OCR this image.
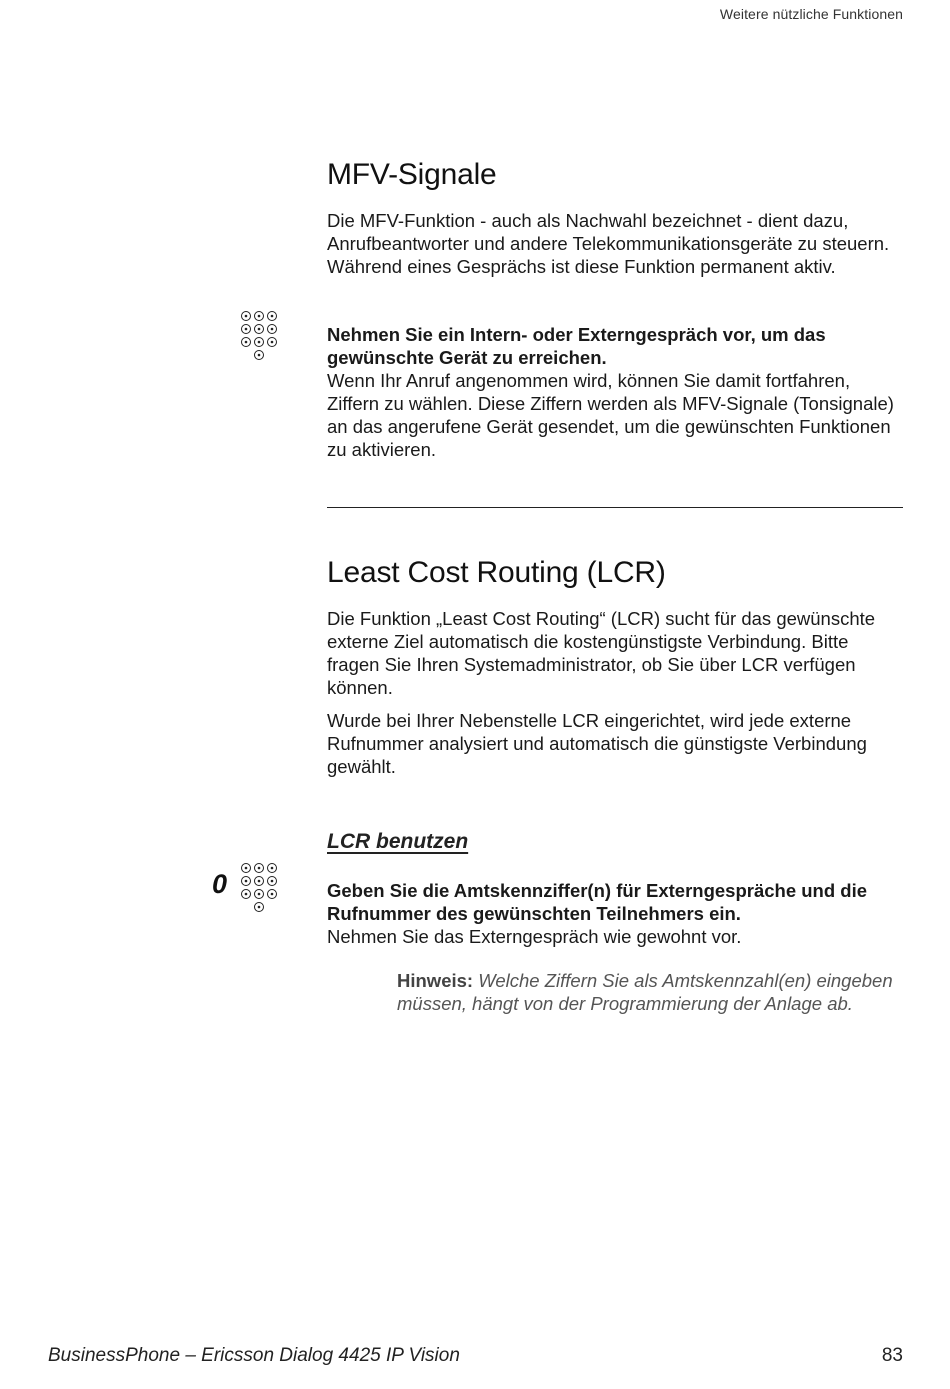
Weitere nützliche Funktionen
MFV-Signale

Die MFV-Funktion - auch als Nachwahl bezeichnet - dient dazu, Anrufbeantworter und andere Telekommunikationsgeräte zu steuern. Während eines Gesprächs ist diese Funktion permanent aktiv.

Nehmen Sie ein Intern- oder Externgespräch vor, um das gewünschte Gerät zu erreichen.

Wenn Ihr Anruf angenommen wird, können Sie damit fortfahren, Ziffern zu wählen. Diese Ziffern werden als MFV-Signale (Tonsignale) an das angerufene Gerät gesendet, um die gewünschten Funktionen zu aktivieren.

Least Cost Routing (LCR)

Die Funktion „Least Cost Routing“ (LCR) sucht für das gewünschte externe Ziel automatisch die kostengünstigste Verbindung. Bitte fragen Sie Ihren Systemadministrator, ob Sie über LCR verfügen können.

Wurde bei Ihrer Nebenstelle LCR eingerichtet, wird jede externe Rufnummer analysiert und automatisch die günstigste Verbindung gewählt.

LCR benutzen
0	Geben Sie die Amtskennziffer(n) für Externgespräche und die Rufnummer des gewünschten Teilnehmers ein.

Nehmen Sie das Externgespräch wie gewohnt vor.

Hinweis: Welche Ziffern Sie als Amtskennzahl(en) eingeben müssen, hängt von der Programmierung der Anlage ab.
BusinessPhone – Ericsson Dialog 4425 IP Vision	83
